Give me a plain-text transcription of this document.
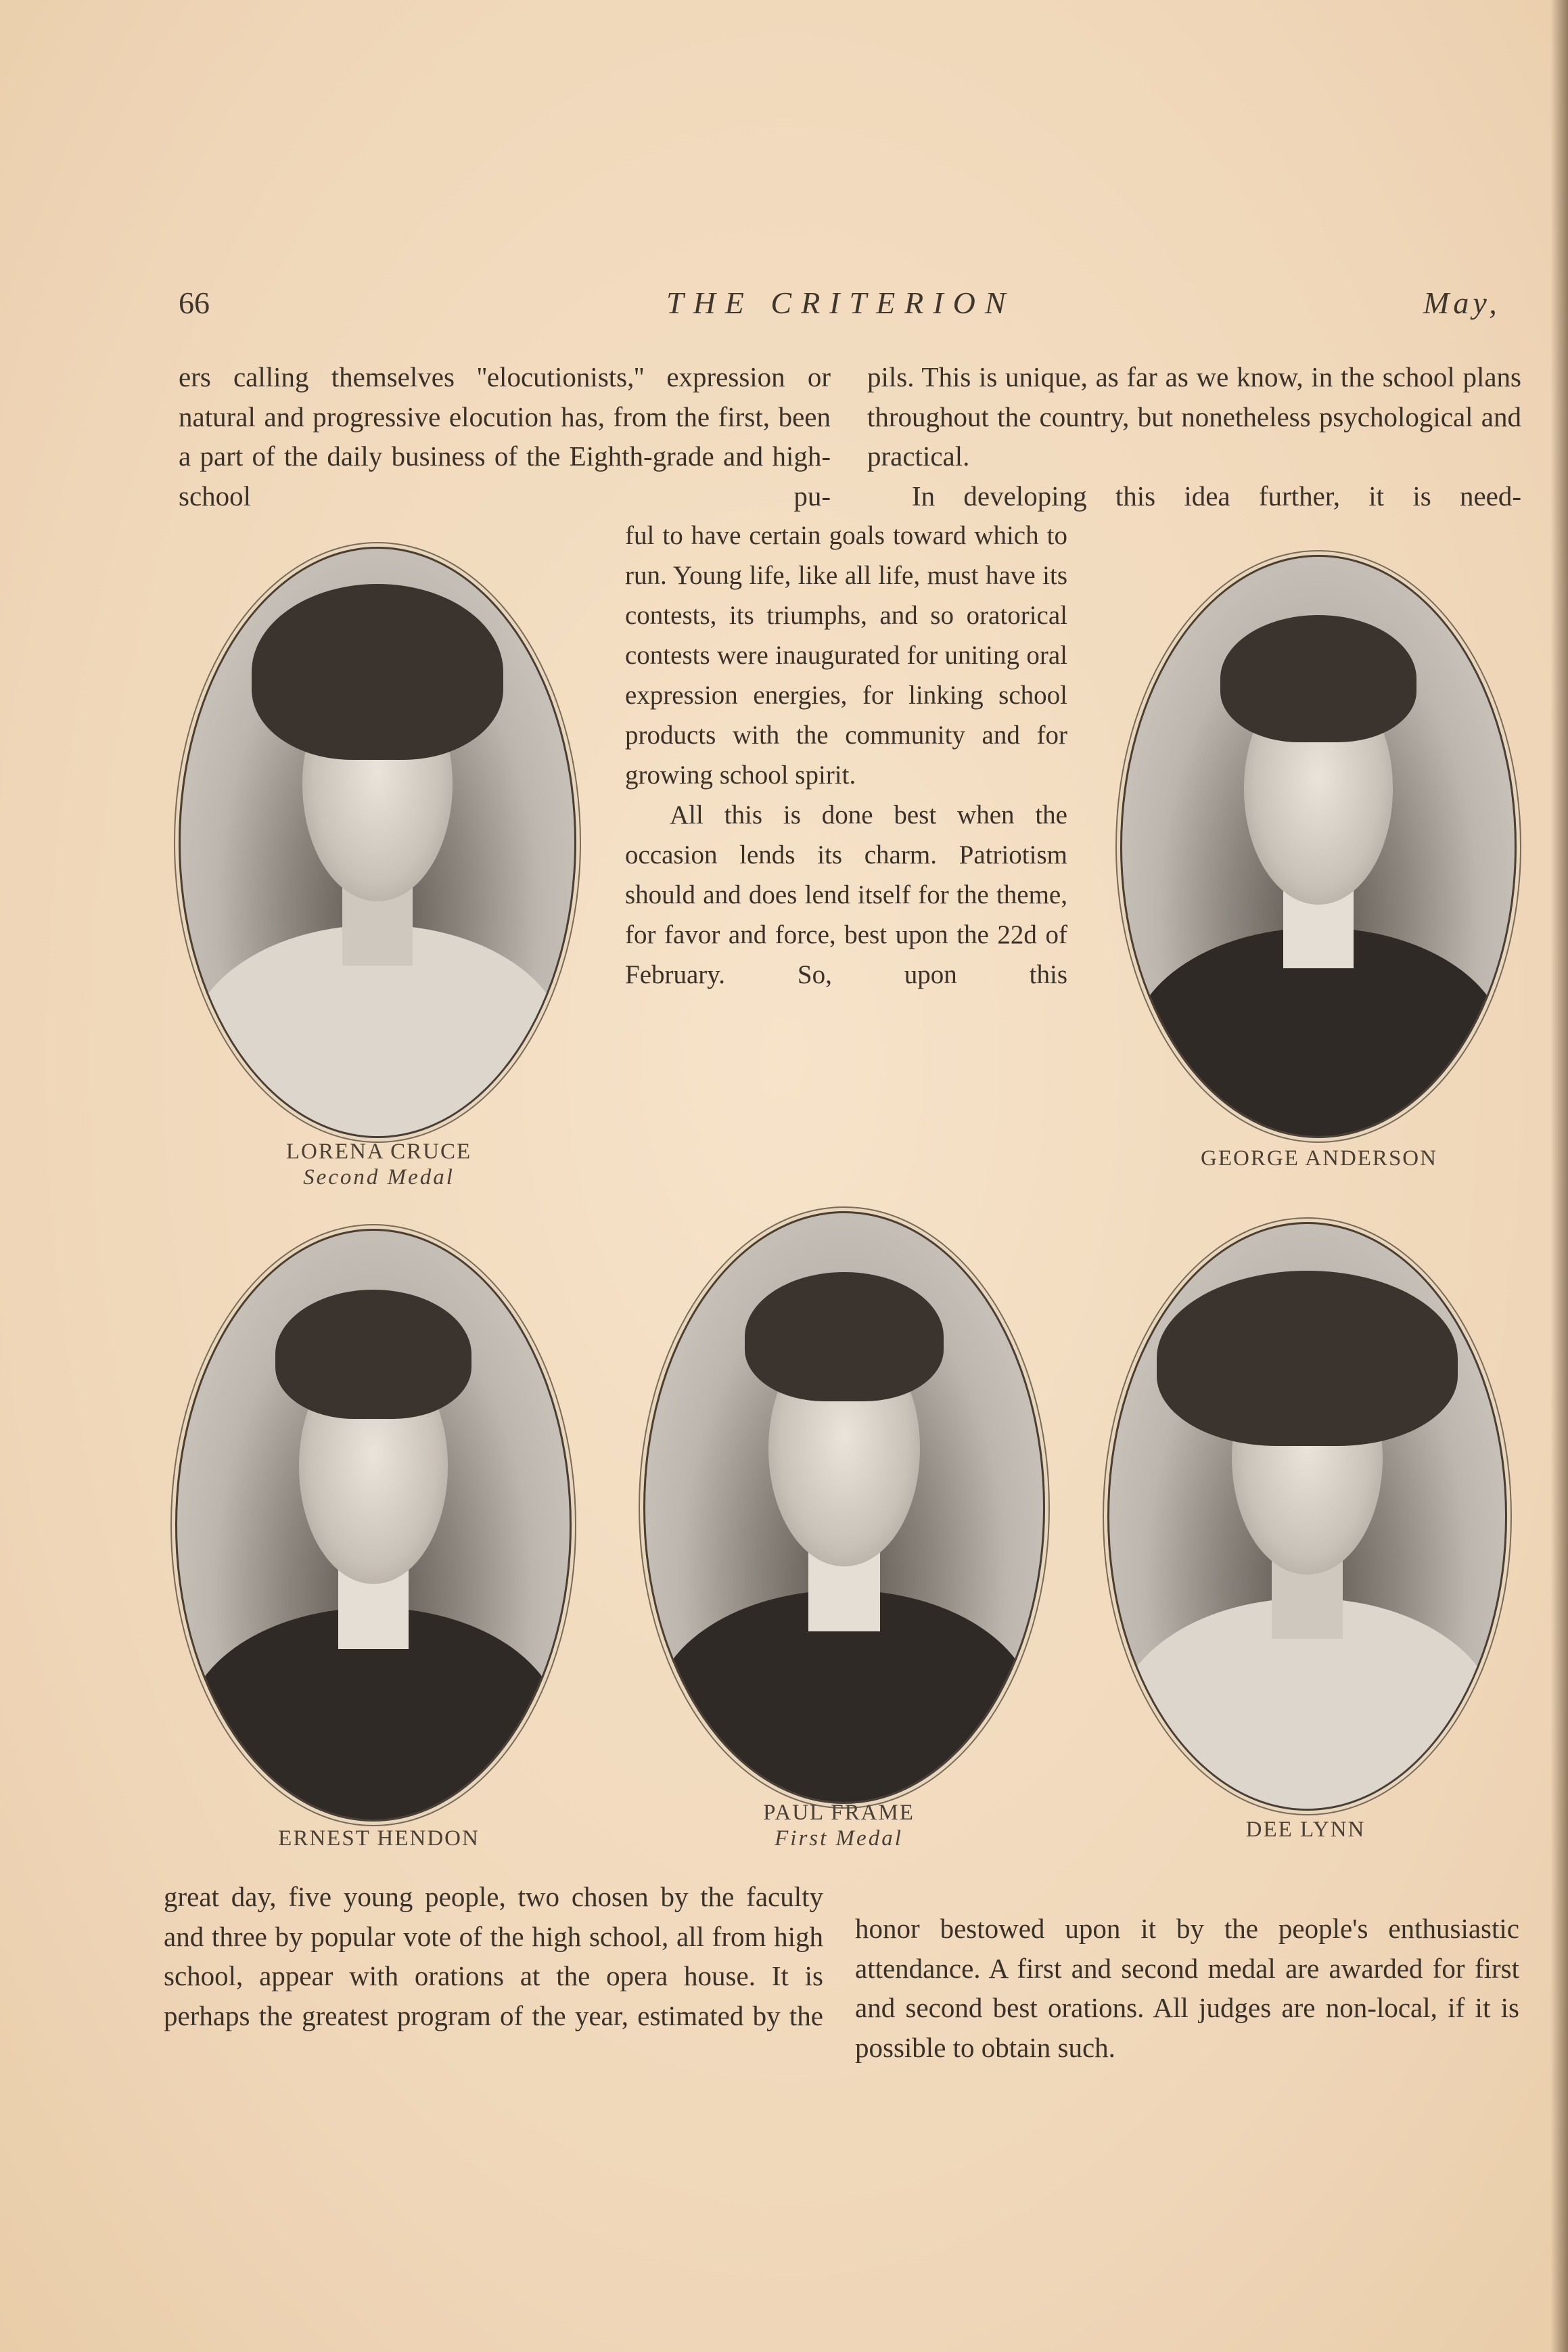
66	THE CRITERION	May,

ers calling themselves ''elocutionists,'' expression or natural and progressive elocution has, from the first, been a part of the daily business of the Eighth-grade and high-school pu-

pils. This is unique, as far as we know, in the school plans throughout the country, but nonetheless psychological and practical.

In developing this idea further, it is need-

ful to have certain goals toward which to run. Young life, like all life, must have its contests, its triumphs, and so oratorical contests were inaugurated for uniting oral expression energies, for linking school products with the community and for growing school spirit.

All this is done best when the occasion lends its charm. Patriotism should and does lend itself for the theme, for favor and force, best upon the 22d of February. So, upon this

LORENA CRUCE
Second Medal
GEORGE ANDERSON
ERNEST HENDON
PAUL FRAME
First Medal	DEE LYNN

great day, five young people, two chosen by the faculty and three by popular vote of the high school, all from high school, appear with orations at the opera house. It is perhaps the greatest program of the year, estimated by the

honor bestowed upon it by the people's enthusiastic attendance. A first and second medal are awarded for first and second best orations. All judges are non-local, if it is possible to obtain such.
